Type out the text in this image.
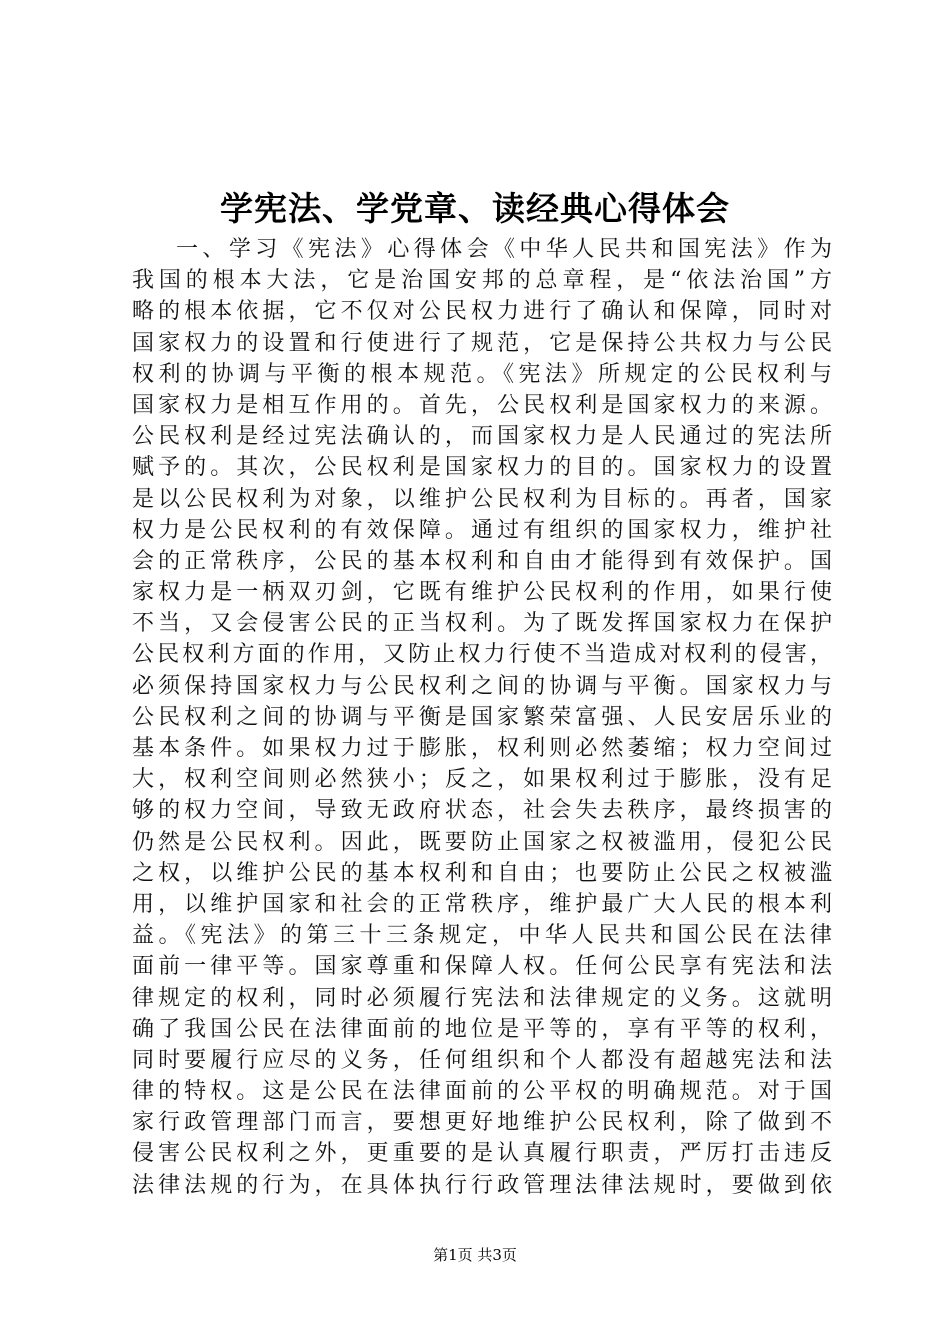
学宪法、学党章、读经典心得体会
一、学习《宪法》心得体会《中华人民共和国宪法》作为
我国的根本大法，它是治国安邦的总章程，是“依法治国”方
略的根本依据，它不仅对公民权力进行了确认和保障，同时对
国家权力的设置和行使进行了规范，它是保持公共权力与公民
权利的协调与平衡的根本规范。《宪法》所规定的公民权利与
国家权力是相互作用的。首先，公民权利是国家权力的来源。
公民权利是经过宪法确认的，而国家权力是人民通过的宪法所
赋予的。其次，公民权利是国家权力的目的。国家权力的设置
是以公民权利为对象，以维护公民权利为目标的。再者，国家
权力是公民权利的有效保障。通过有组织的国家权力，维护社
会的正常秩序，公民的基本权利和自由才能得到有效保护。国
家权力是一柄双刃剑，它既有维护公民权利的作用，如果行使
不当，又会侵害公民的正当权利。为了既发挥国家权力在保护
公民权利方面的作用，又防止权力行使不当造成对权利的侵害，
必须保持国家权力与公民权利之间的协调与平衡。国家权力与
公民权利之间的协调与平衡是国家繁荣富强、人民安居乐业的
基本条件。如果权力过于膨胀，权利则必然萎缩；权力空间过
大，权利空间则必然狭小；反之，如果权利过于膨胀，没有足
够的权力空间，导致无政府状态，社会失去秩序，最终损害的
仍然是公民权利。因此，既要防止国家之权被滥用，侵犯公民
之权，以维护公民的基本权利和自由；也要防止公民之权被滥
用，以维护国家和社会的正常秩序，维护最广大人民的根本利
益。《宪法》的第三十三条规定，中华人民共和国公民在法律
面前一律平等。国家尊重和保障人权。任何公民享有宪法和法
律规定的权利，同时必须履行宪法和法律规定的义务。这就明
确了我国公民在法律面前的地位是平等的，享有平等的权利，
同时要履行应尽的义务，任何组织和个人都没有超越宪法和法
律的特权。这是公民在法律面前的公平权的明确规范。对于国
家行政管理部门而言，要想更好地维护公民权利，除了做到不
侵害公民权利之外，更重要的是认真履行职责，严厉打击违反
法律法规的行为，在具体执行行政管理法律法规时，要做到依
第1页 共3页
